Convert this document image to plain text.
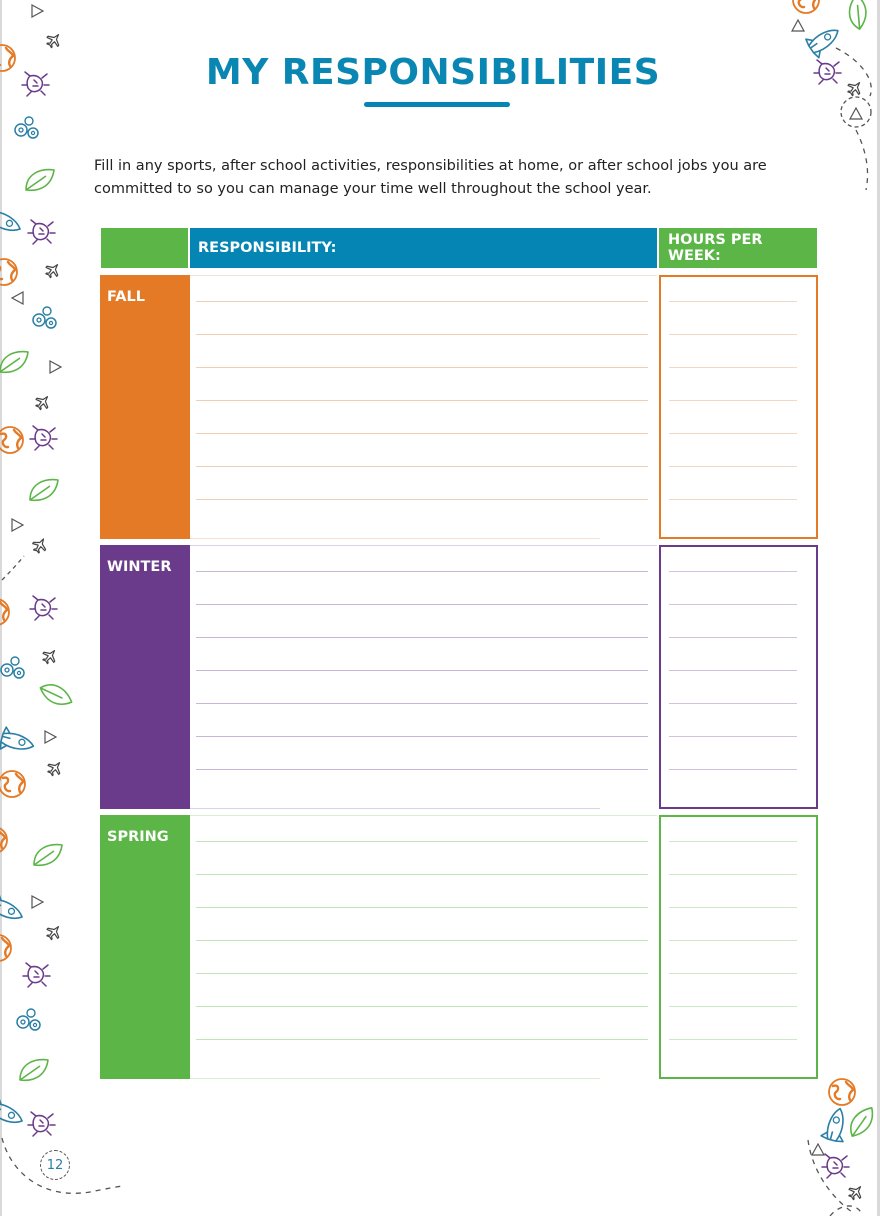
MY RESPONSIBILITIES

Fill in any sports, after school activities, responsibilities at home, or after school jobs you are committed to so you can manage your time well throughout the school year.

RESPONSIBILITY:	HOURS PER WEEK:
FALL
WINTER
SPRING
12
